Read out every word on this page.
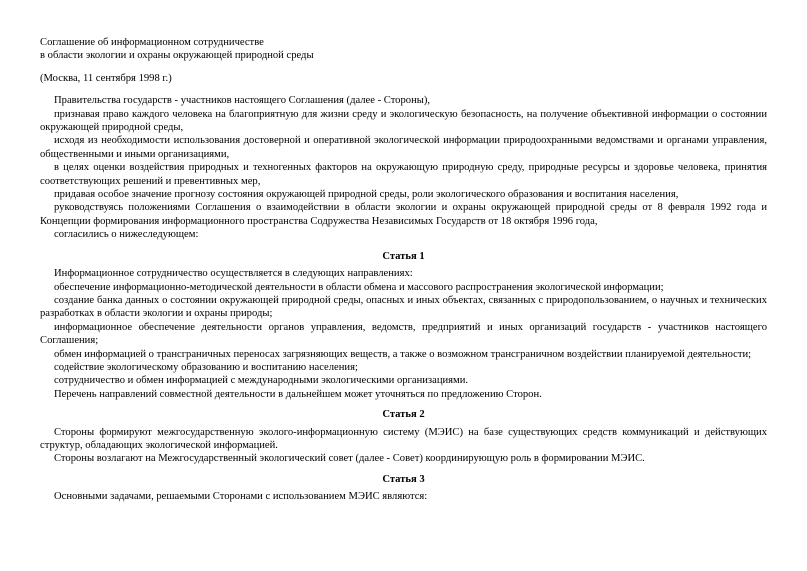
Соглашение об информационном сотрудничестве
в области экологии и охраны окружающей природной среды
(Москва, 11 сентября 1998 г.)

Правительства государств - участников настоящего Соглашения (далее - Стороны),

признавая право каждого человека на благоприятную для жизни среду и экологическую безопасность, на получение объективной информации о состоянии окружающей природной среды,

исходя из необходимости использования достоверной и оперативной экологической информации природоохранными ведомствами и органами управления, общественными и иными организациями,

в целях оценки воздействия природных и техногенных факторов на окружающую природную среду, природные ресурсы и здоровье человека, принятия соответствующих решений и превентивных мер,

придавая особое значение прогнозу состояния окружающей природной среды, роли экологического образования и воспитания населения,

руководствуясь положениями Соглашения о взаимодействии в области экологии и охраны окружающей природной среды от 8 февраля 1992 года и Концепции формирования информационного пространства Содружества Независимых Государств от 18 октября 1996 года,

согласились о нижеследующем:

Статья 1

Информационное сотрудничество осуществляется в следующих направлениях:

обеспечение информационно-методической деятельности в области обмена и массового распространения экологической информации;

создание банка данных о состоянии окружающей природной среды, опасных и иных объектах, связанных с природопользованием, о научных и технических разработках в области экологии и охраны природы;

информационное обеспечение деятельности органов управления, ведомств, предприятий и иных организаций государств - участников настоящего Соглашения;

обмен информацией о трансграничных переносах загрязняющих веществ, а также о возможном трансграничном воздействии планируемой деятельности;

содействие экологическому образованию и воспитанию населения;

сотрудничество и обмен информацией с международными экологическими организациями.

Перечень направлений совместной деятельности в дальнейшем может уточняться по предложению Сторон.

Статья 2

Стороны формируют межгосударственную эколого-информационную систему (МЭИС) на базе существующих средств коммуникаций и действующих структур, обладающих экологической информацией.

Стороны возлагают на Межгосударственный экологический совет (далее - Совет) координирующую роль в формировании МЭИС.

Статья 3

Основными задачами, решаемыми Сторонами с использованием МЭИС являются:
